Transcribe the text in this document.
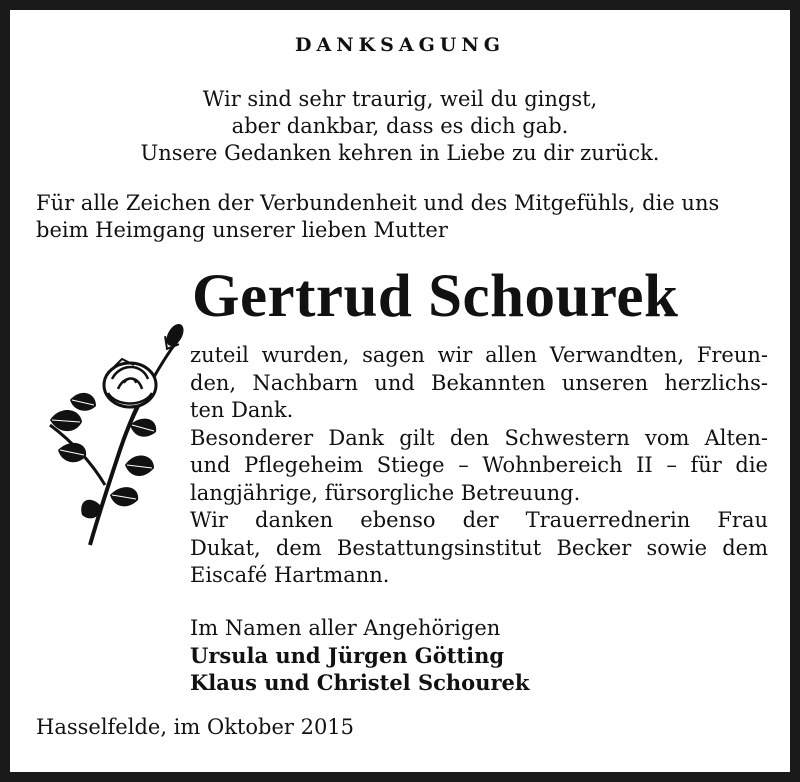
DANKSAGUNG
Wir sind sehr traurig, weil du gingst,
aber dankbar, dass es dich gab.
Unsere Gedanken kehren in Liebe zu dir zurück.
Für alle Zeichen der Verbundenheit und des Mitgefühls, die uns
beim Heimgang unserer lieben Mutter
Gertrud Schourek
zuteil wurden, sagen wir allen Verwandten, Freun-
den, Nachbarn und Bekannten unseren herzlichs-
ten Dank.
Besonderer Dank gilt den Schwestern vom Alten-
und Pflegeheim Stiege – Wohnbereich II – für die
langjährige, fürsorgliche Betreuung.
Wir danken ebenso der Trauerrednerin Frau
Dukat, dem Bestattungsinstitut Becker sowie dem
Eiscafé Hartmann.
Im Namen aller Angehörigen
Ursula und Jürgen Götting
Klaus und Christel Schourek
Hasselfelde, im Oktober 2015
